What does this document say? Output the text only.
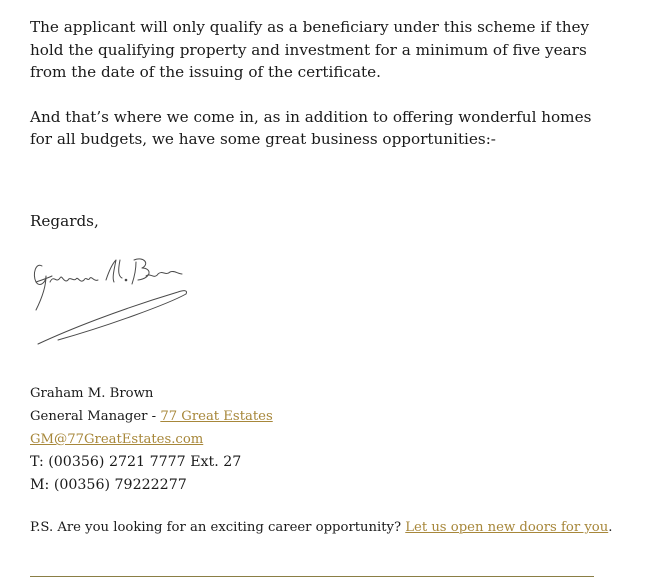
The applicant will only qualify as a beneficiary under this scheme if they hold the qualifying property and investment for a minimum of five years from the date of the issuing of the certificate.

And that’s where we come in, as in addition to offering wonderful homes for all budgets, we have some great business opportunities:-

Regards,

Graham M. Brown
General Manager - 77 Great Estates
GM@77GreatEstates.com
T: (00356) 2721 7777 Ext. 27
M: (00356) 79222277
P.S. Are you looking for an exciting career opportunity? Let us open new doors for you.
